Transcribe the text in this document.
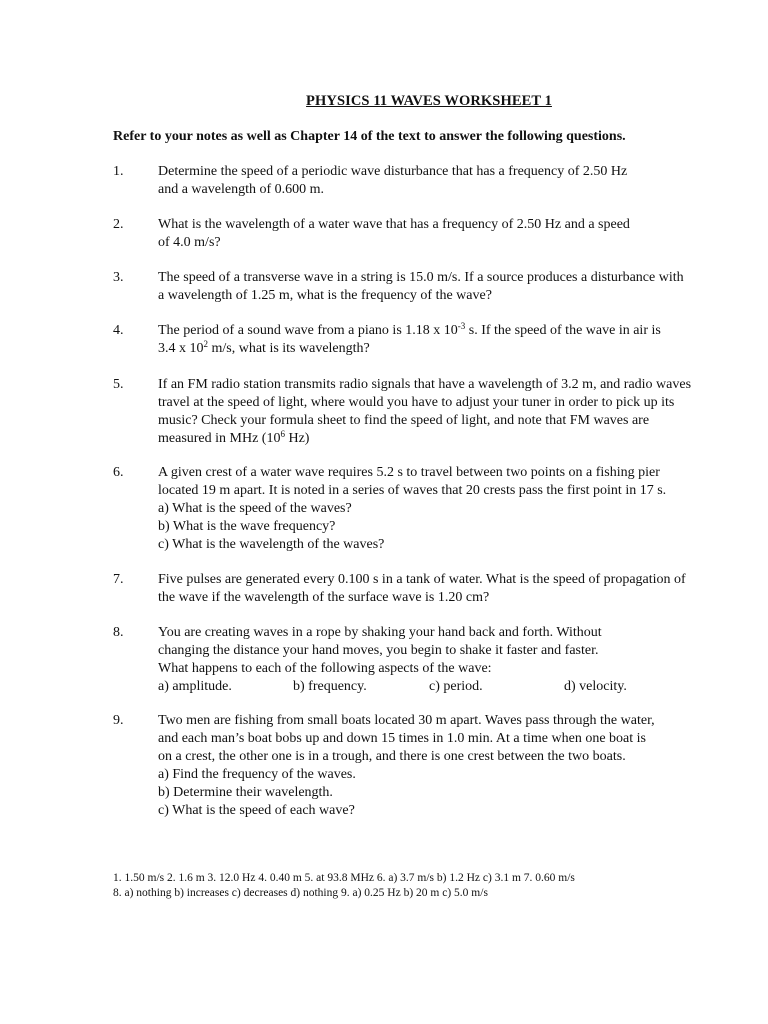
PHYSICS 11 WAVES WORKSHEET 1
Refer to your notes as well as Chapter 14 of the text to answer the following questions.
1. Determine the speed of a periodic wave disturbance that has a frequency of 2.50 Hz
and a wavelength of 0.600 m.
2. What is the wavelength of a water wave that has a frequency of 2.50 Hz and a speed
of 4.0 m/s?
3. The speed of a transverse wave in a string is 15.0 m/s. If a source produces a disturbance with
a wavelength of 1.25 m, what is the frequency of the wave?
4. The period of a sound wave from a piano is 1.18 x $10^{-3}$ s. If the speed of the wave in air is
3.4 x $10^2$ m/s, what is its wavelength?
5. If an FM radio station transmits radio signals that have a wavelength of 3.2 m, and radio waves
travel at the speed of light, where would you have to adjust your tuner in order to pick up its
music? Check your formula sheet to find the speed of light, and note that FM waves are
measured in MHz ($10^6$ Hz)
6. A given crest of a water wave requires 5.2 s to travel between two points on a fishing pier
located 19 m apart. It is noted in a series of waves that 20 crests pass the first point in 17 s.
a) What is the speed of the waves?
b) What is the wave frequency?
c) What is the wavelength of the waves?
7. Five pulses are generated every 0.100 s in a tank of water. What is the speed of propagation of
the wave if the wavelength of the surface wave is 1.20 cm?
8. You are creating waves in a rope by shaking your hand back and forth. Without
changing the distance your hand moves, you begin to shake it faster and faster.
What happens to each of the following aspects of the wave:
a) amplitude.	b) frequency.	c) period.	d) velocity.
9. Two men are fishing from small boats located 30 m apart. Waves pass through the water,
and each man’s boat bobs up and down 15 times in 1.0 min. At a time when one boat is
on a crest, the other one is in a trough, and there is one crest between the two boats.
a) Find the frequency of the waves.
b) Determine their wavelength.
c) What is the speed of each wave?
1. 1.50 m/s 2. 1.6 m 3. 12.0 Hz 4. 0.40 m 5. at 93.8 MHz 6. a) 3.7 m/s b) 1.2 Hz c) 3.1 m 7. 0.60 m/s
8. a) nothing b) increases c) decreases d) nothing 9. a) 0.25 Hz b) 20 m c) 5.0 m/s
